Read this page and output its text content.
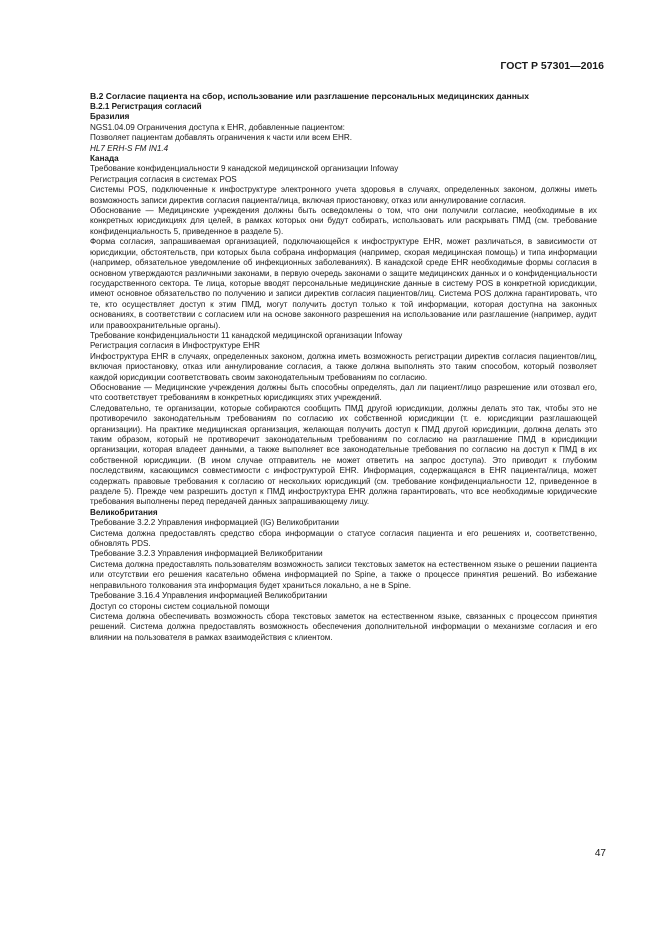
ГОСТ Р 57301—2016

B.2 Согласие пациента на сбор, использование или разглашение персональных медицинских данных

B.2.1 Регистрация согласий

Бразилия

NGS1.04.09 Ограничения доступа к EHR, добавленные пациентом:

Позволяет пациентам добавлять ограничения к части или всем EHR.

HL7 ERH-S FM IN1.4

Канада

Требование конфиденциальности 9 канадской медицинской организации Infoway

Регистрация согласия в системах POS

Системы POS, подключенные к инфоструктуре электронного учета здоровья в случаях, определенных законом, должны иметь возможность записи директив согласия пациента/лица, включая приостановку, отказ или аннулирование согласия.

Обоснование — Медицинские учреждения должны быть осведомлены о том, что они получили согласие, необходимые в их конкретных юрисдикциях для целей, в рамках которых они будут собирать, использовать или раскрывать ПМД (см. требование конфиденциальность 5, приведенное в разделе 5).

Форма согласия, запрашиваемая организацией, подключающейся к инфоструктуре EHR, может различаться, в зависимости от юрисдикции, обстоятельств, при которых была собрана информация (например, скорая медицинская помощь) и типа информации (например, обязательное уведомление об инфекционных заболеваниях). В канадской среде EHR необходимые формы согласия в основном утверждаются различными законами, в первую очередь законами о защите медицинских данных и о конфиденциальности государственного сектора. Те лица, которые вводят персональные медицинские данные в систему POS в конкретной юрисдикции, имеют основное обязательство по получению и записи директив согласия пациентов/лиц. Система POS должна гарантировать, что те, кто осуществляет доступ к этим ПМД, могут получить доступ только к той информации, которая доступна на законных основаниях, в соответствии с согласием или на основе законного разрешения на использование или разглашение (например, аудит или правоохранительные органы).

Требование конфиденциальности 11 канадской медицинской организации Infoway

Регистрация согласия в Инфоструктуре EHR

Инфоструктура EHR в случаях, определенных законом, должна иметь возможность регистрации директив согласия пациентов/лиц, включая приостановку, отказ или аннулирование согласия, а также должна выполнять это таким способом, который позволяет каждой юрисдикции соответствовать своим законодательным требованиям по согласию.

Обоснование — Медицинские учреждения должны быть способны определять, дал ли пациент/лицо разрешение или отозвал его, что соответствует требованиям в конкретных юрисдикциях этих учреждений.

Следовательно, те организации, которые собираются сообщить ПМД другой юрисдикции, должны делать это так, чтобы это не противоречило законодательным требованиям по согласию их собственной юрисдикции (т. е. юрисдикции разглашающей организации). На практике медицинская организация, желающая получить доступ к ПМД другой юрисдикции, должна делать это таким образом, который не противоречит законодательным требованиям по согласию на разглашение ПМД в юрисдикции организации, которая владеет данными, а также выполняет все законодательные требования по согласию на доступ к ПМД в их собственной юрисдикции. (В ином случае отправитель не может ответить на запрос доступа). Это приводит к глубоким последствиям, касающимся совместимости с инфоструктурой EHR. Информация, содержащаяся в EHR пациента/лица, может содержать правовые требования к согласию от нескольких юрисдикций (см. требование конфиденциальности 12, приведенное в разделе 5). Прежде чем разрешить доступ к ПМД инфоструктура EHR должна гарантировать, что все необходимые юридические требования выполнены перед передачей данных запрашивающему лицу.

Великобритания

Требование 3.2.2 Управления информацией (IG) Великобритании

Система должна предоставлять средство сбора информации о статусе согласия пациента и его решениях и, соответственно, обновлять PDS.

Требование 3.2.3 Управления информацией Великобритании

Система должна предоставлять пользователям возможность записи текстовых заметок на естественном языке о решении пациента или отсутствии его решения касательно обмена информацией по Spine, а также о процессе принятия решений. Во избежание неправильного толкования эта информация будет храниться локально, а не в Spine.

Требование 3.16.4 Управления информацией Великобритании

Доступ со стороны систем социальной помощи

Система должна обеспечивать возможность сбора текстовых заметок на естественном языке, связанных с процессом принятия решений. Система должна предоставлять возможность обеспечения дополнительной информации о механизме согласия и его влиянии на пользователя в рамках взаимодействия с клиентом.

47
